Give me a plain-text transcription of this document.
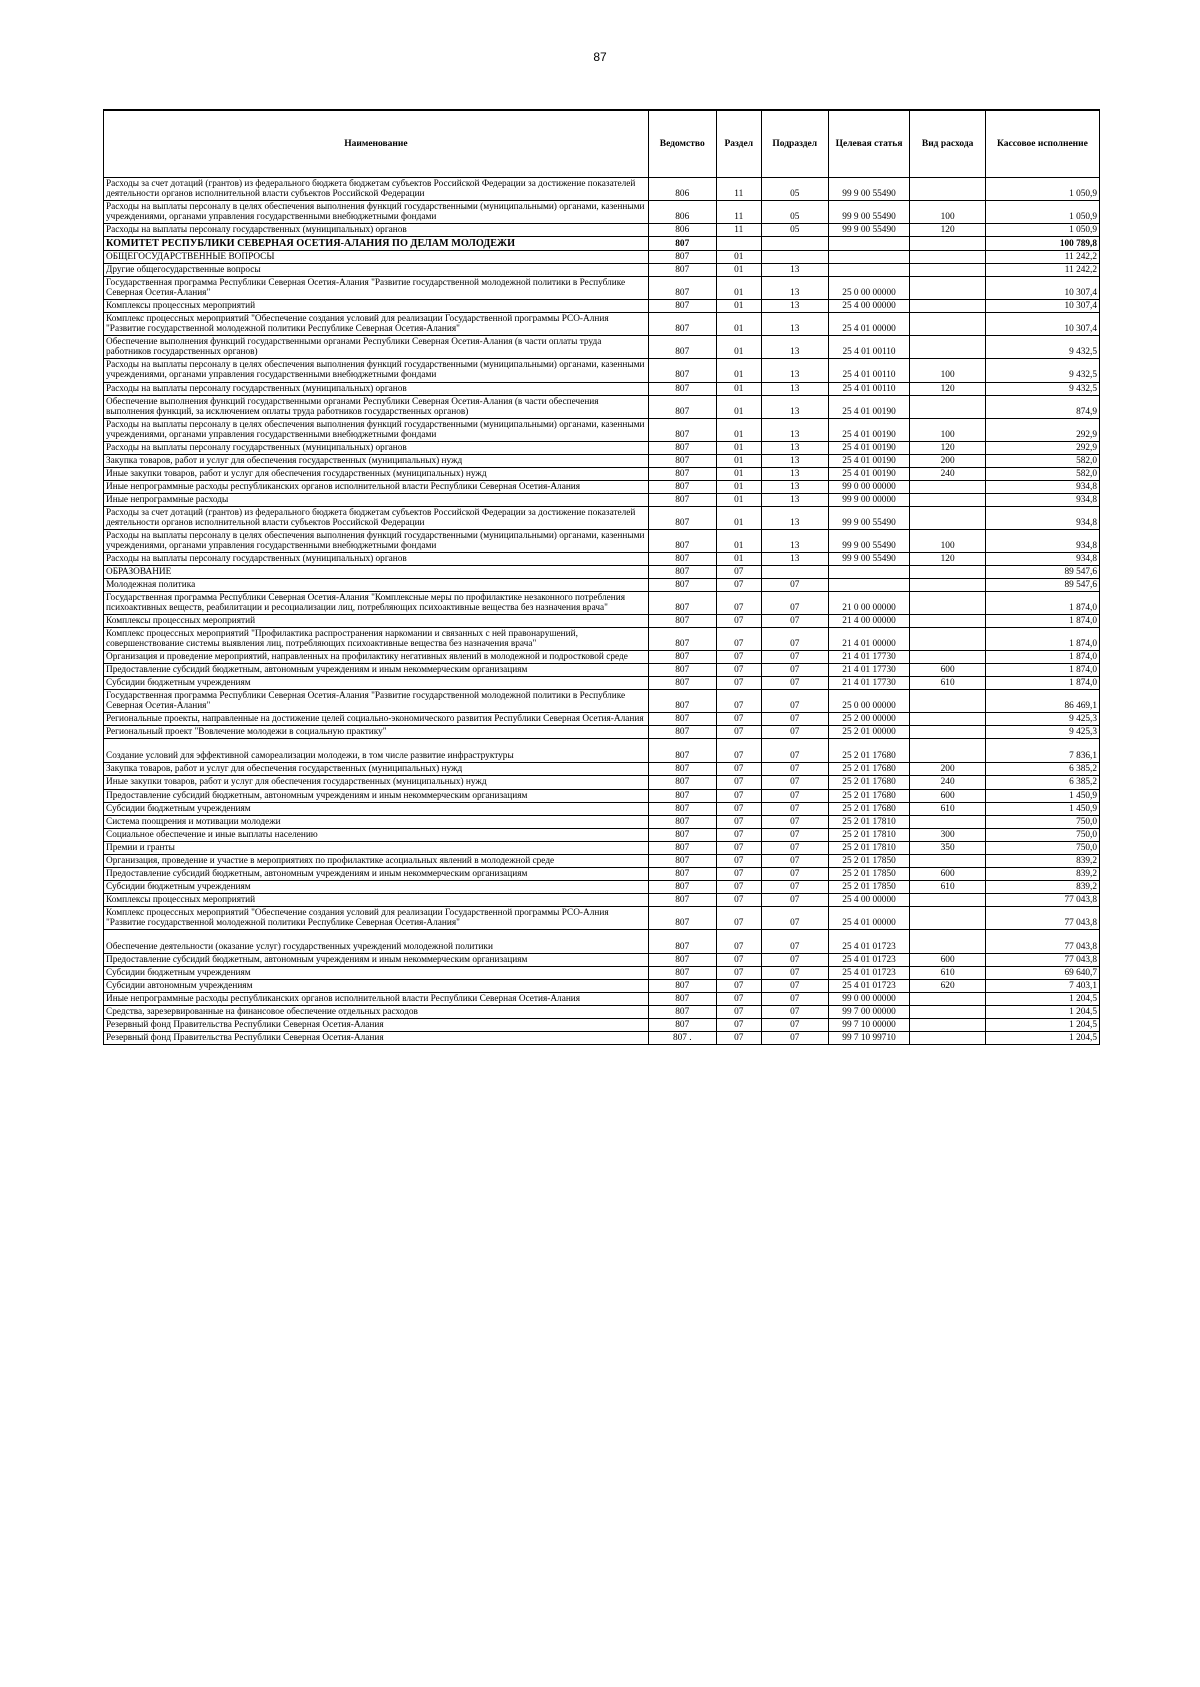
87
Наименование	Ведомство	Раздел	Подраздел	Целевая статья	Вид расхода	Кассовое исполнение
Расходы за счет дотаций (грантов) из федерального бюджета бюджетам субъектов Российской Федерации за достижение показателей деятельности органов исполнительной власти субъектов Российской Федерации	806	11	05	99 9 00 55490		1 050,9
Расходы на выплаты персоналу в целях обеспечения выполнения функций государственными (муниципальными) органами, казенными учреждениями, органами управления государственными внебюджетными фондами	806	11	05	99 9 00 55490	100	1 050,9
Расходы на выплаты персоналу государственных (муниципальных) органов	806	11	05	99 9 00 55490	120	1 050,9
КОМИТЕТ РЕСПУБЛИКИ СЕВЕРНАЯ ОСЕТИЯ-АЛАНИЯ ПО ДЕЛАМ МОЛОДЕЖИ	807					100 789,8
ОБЩЕГОСУДАРСТВЕННЫЕ ВОПРОСЫ	807	01				11 242,2
Другие общегосударственные вопросы	807	01	13			11 242,2
Государственная программа Республики Северная Осетия-Алания "Развитие государственной молодежной политики в Республике Северная Осетия-Алания"	807	01	13	25 0 00 00000		10 307,4
Комплексы процессных мероприятий	807	01	13	25 4 00 00000		10 307,4
Комплекс процессных мероприятий "Обеспечение создания условий для реализации Государственной программы РСО-Алния "Развитие государственной молодежной политики Республике Северная Осетия-Алания"	807	01	13	25 4 01 00000		10 307,4
Обеспечение выполнения функций государственными органами Республики Северная Осетия-Алания (в части оплаты труда работников государственных органов)	807	01	13	25 4 01 00110		9 432,5
Расходы на выплаты персоналу в целях обеспечения выполнения функций государственными (муниципальными) органами, казенными учреждениями, органами управления государственными внебюджетными фондами	807	01	13	25 4 01 00110	100	9 432,5
Расходы на выплаты персоналу государственных (муниципальных) органов	807	01	13	25 4 01 00110	120	9 432,5
Обеспечение выполнения функций государственными органами Республики Северная Осетия-Алания (в части обеспечения выполнения функций, за исключением оплаты труда работников государственных органов)	807	01	13	25 4 01 00190		874,9
Расходы на выплаты персоналу в целях обеспечения выполнения функций государственными (муниципальными) органами, казенными учреждениями, органами управления государственными внебюджетными фондами	807	01	13	25 4 01 00190	100	292,9
Расходы на выплаты персоналу государственных (муниципальных) органов	807	01	13	25 4 01 00190	120	292,9
Закупка товаров, работ и услуг для обеспечения государственных (муниципальных) нужд	807	01	13	25 4 01 00190	200	582,0
Иные закупки товаров, работ и услуг для обеспечения государственных (муниципальных) нужд	807	01	13	25 4 01 00190	240	582,0
Иные непрограммные расходы республиканских органов исполнительной власти Республики Северная Осетия-Алания	807	01	13	99 0 00 00000		934,8
Иные непрограммные расходы	807	01	13	99 9 00 00000		934,8
Расходы за счет дотаций (грантов) из федерального бюджета бюджетам субъектов Российской Федерации за достижение показателей деятельности органов исполнительной власти субъектов Российской Федерации	807	01	13	99 9 00 55490		934,8
Расходы на выплаты персоналу в целях обеспечения выполнения функций государственными (муниципальными) органами, казенными учреждениями, органами управления государственными внебюджетными фондами	807	01	13	99 9 00 55490	100	934,8
Расходы на выплаты персоналу государственных (муниципальных) органов	807	01	13	99 9 00 55490	120	934,8
ОБРАЗОВАНИЕ	807	07				89 547,6
Молодежная политика	807	07	07			89 547,6
Государственная программа Республики Северная Осетия-Алания "Комплексные меры по профилактике незаконного потребления психоактивных веществ, реабилитации и ресоциализации лиц, потребляющих психоактивные вещества без назначения врача"	807	07	07	21 0 00 00000		1 874,0
Комплексы процессных мероприятий	807	07	07	21 4 00 00000		1 874,0
Комплекс процессных мероприятий "Профилактика распространения наркомании и связанных с ней правонарушений, совершенствование системы выявления лиц, потребляющих психоактивные вещества без назначения врача"	807	07	07	21 4 01 00000		1 874,0
Организация и проведение мероприятий, направленных на профилактику негативных явлений в молодежной и подростковой среде	807	07	07	21 4 01 17730		1 874,0
Предоставление субсидий бюджетным, автономным учреждениям и иным некоммерческим организациям	807	07	07	21 4 01 17730	600	1 874,0
Субсидии бюджетным учреждениям	807	07	07	21 4 01 17730	610	1 874,0
Государственная программа Республики Северная Осетия-Алания "Развитие государственной молодежной политики в Республике Северная Осетия-Алания"	807	07	07	25 0 00 00000		86 469,1
Региональные проекты, направленные на достижение целей социально-экономического развития Республики Северная Осетия-Алания	807	07	07	25 2 00 00000		9 425,3
Региональный проект "Вовлечение молодежи в социальную практику"	807	07	07	25 2 01 00000		9 425,3
Создание условий для эффективной самореализации молодежи, в том числе развитие инфраструктуры	807	07	07	25 2 01 17680		7 836,1
Закупка товаров, работ и услуг для обеспечения государственных (муниципальных) нужд	807	07	07	25 2 01 17680	200	6 385,2
Иные закупки товаров, работ и услуг для обеспечения государственных (муниципальных) нужд	807	07	07	25 2 01 17680	240	6 385,2
Предоставление субсидий бюджетным, автономным учреждениям и иным некоммерческим организациям	807	07	07	25 2 01 17680	600	1 450,9
Субсидии бюджетным учреждениям	807	07	07	25 2 01 17680	610	1 450,9
Система поощрения и мотивации молодежи	807	07	07	25 2 01 17810		750,0
Социальное обеспечение и иные выплаты населению	807	07	07	25 2 01 17810	300	750,0
Премии и гранты	807	07	07	25 2 01 17810	350	750,0
Организация, проведение и участие в мероприятиях по профилактике асоциальных явлений в молодежной среде	807	07	07	25 2 01 17850		839,2
Предоставление субсидий бюджетным, автономным учреждениям и иным некоммерческим организациям	807	07	07	25 2 01 17850	600	839,2
Субсидии бюджетным учреждениям	807	07	07	25 2 01 17850	610	839,2
Комплексы процессных мероприятий	807	07	07	25 4 00 00000		77 043,8
Комплекс процессных мероприятий "Обеспечение создания условий для реализации Государственной программы РСО-Алния "Развитие государственной молодежной политики Республике Северная Осетия-Алания"	807	07	07	25 4 01 00000		77 043,8
Обеспечение деятельности (оказание услуг) государственных учреждений молодежной политики	807	07	07	25 4 01 01723		77 043,8
Предоставление субсидий бюджетным, автономным учреждениям и иным некоммерческим организациям	807	07	07	25 4 01 01723	600	77 043,8
Субсидии бюджетным учреждениям	807	07	07	25 4 01 01723	610	69 640,7
Субсидии автономным учреждениям	807	07	07	25 4 01 01723	620	7 403,1
Иные непрограммные расходы республиканских органов исполнительной власти Республики Северная Осетия-Алания	807	07	07	99 0 00 00000		1 204,5
Средства, зарезервированные на финансовое обеспечение отдельных расходов	807	07	07	99 7 00 00000		1 204,5
Резервный фонд Правительства Республики Северная Осетия-Алания	807	07	07	99 7 10 00000		1 204,5
Резервный фонд Правительства Республики Северная Осетия-Алания	807 .	07	07	99 7 10 99710		1 204,5
